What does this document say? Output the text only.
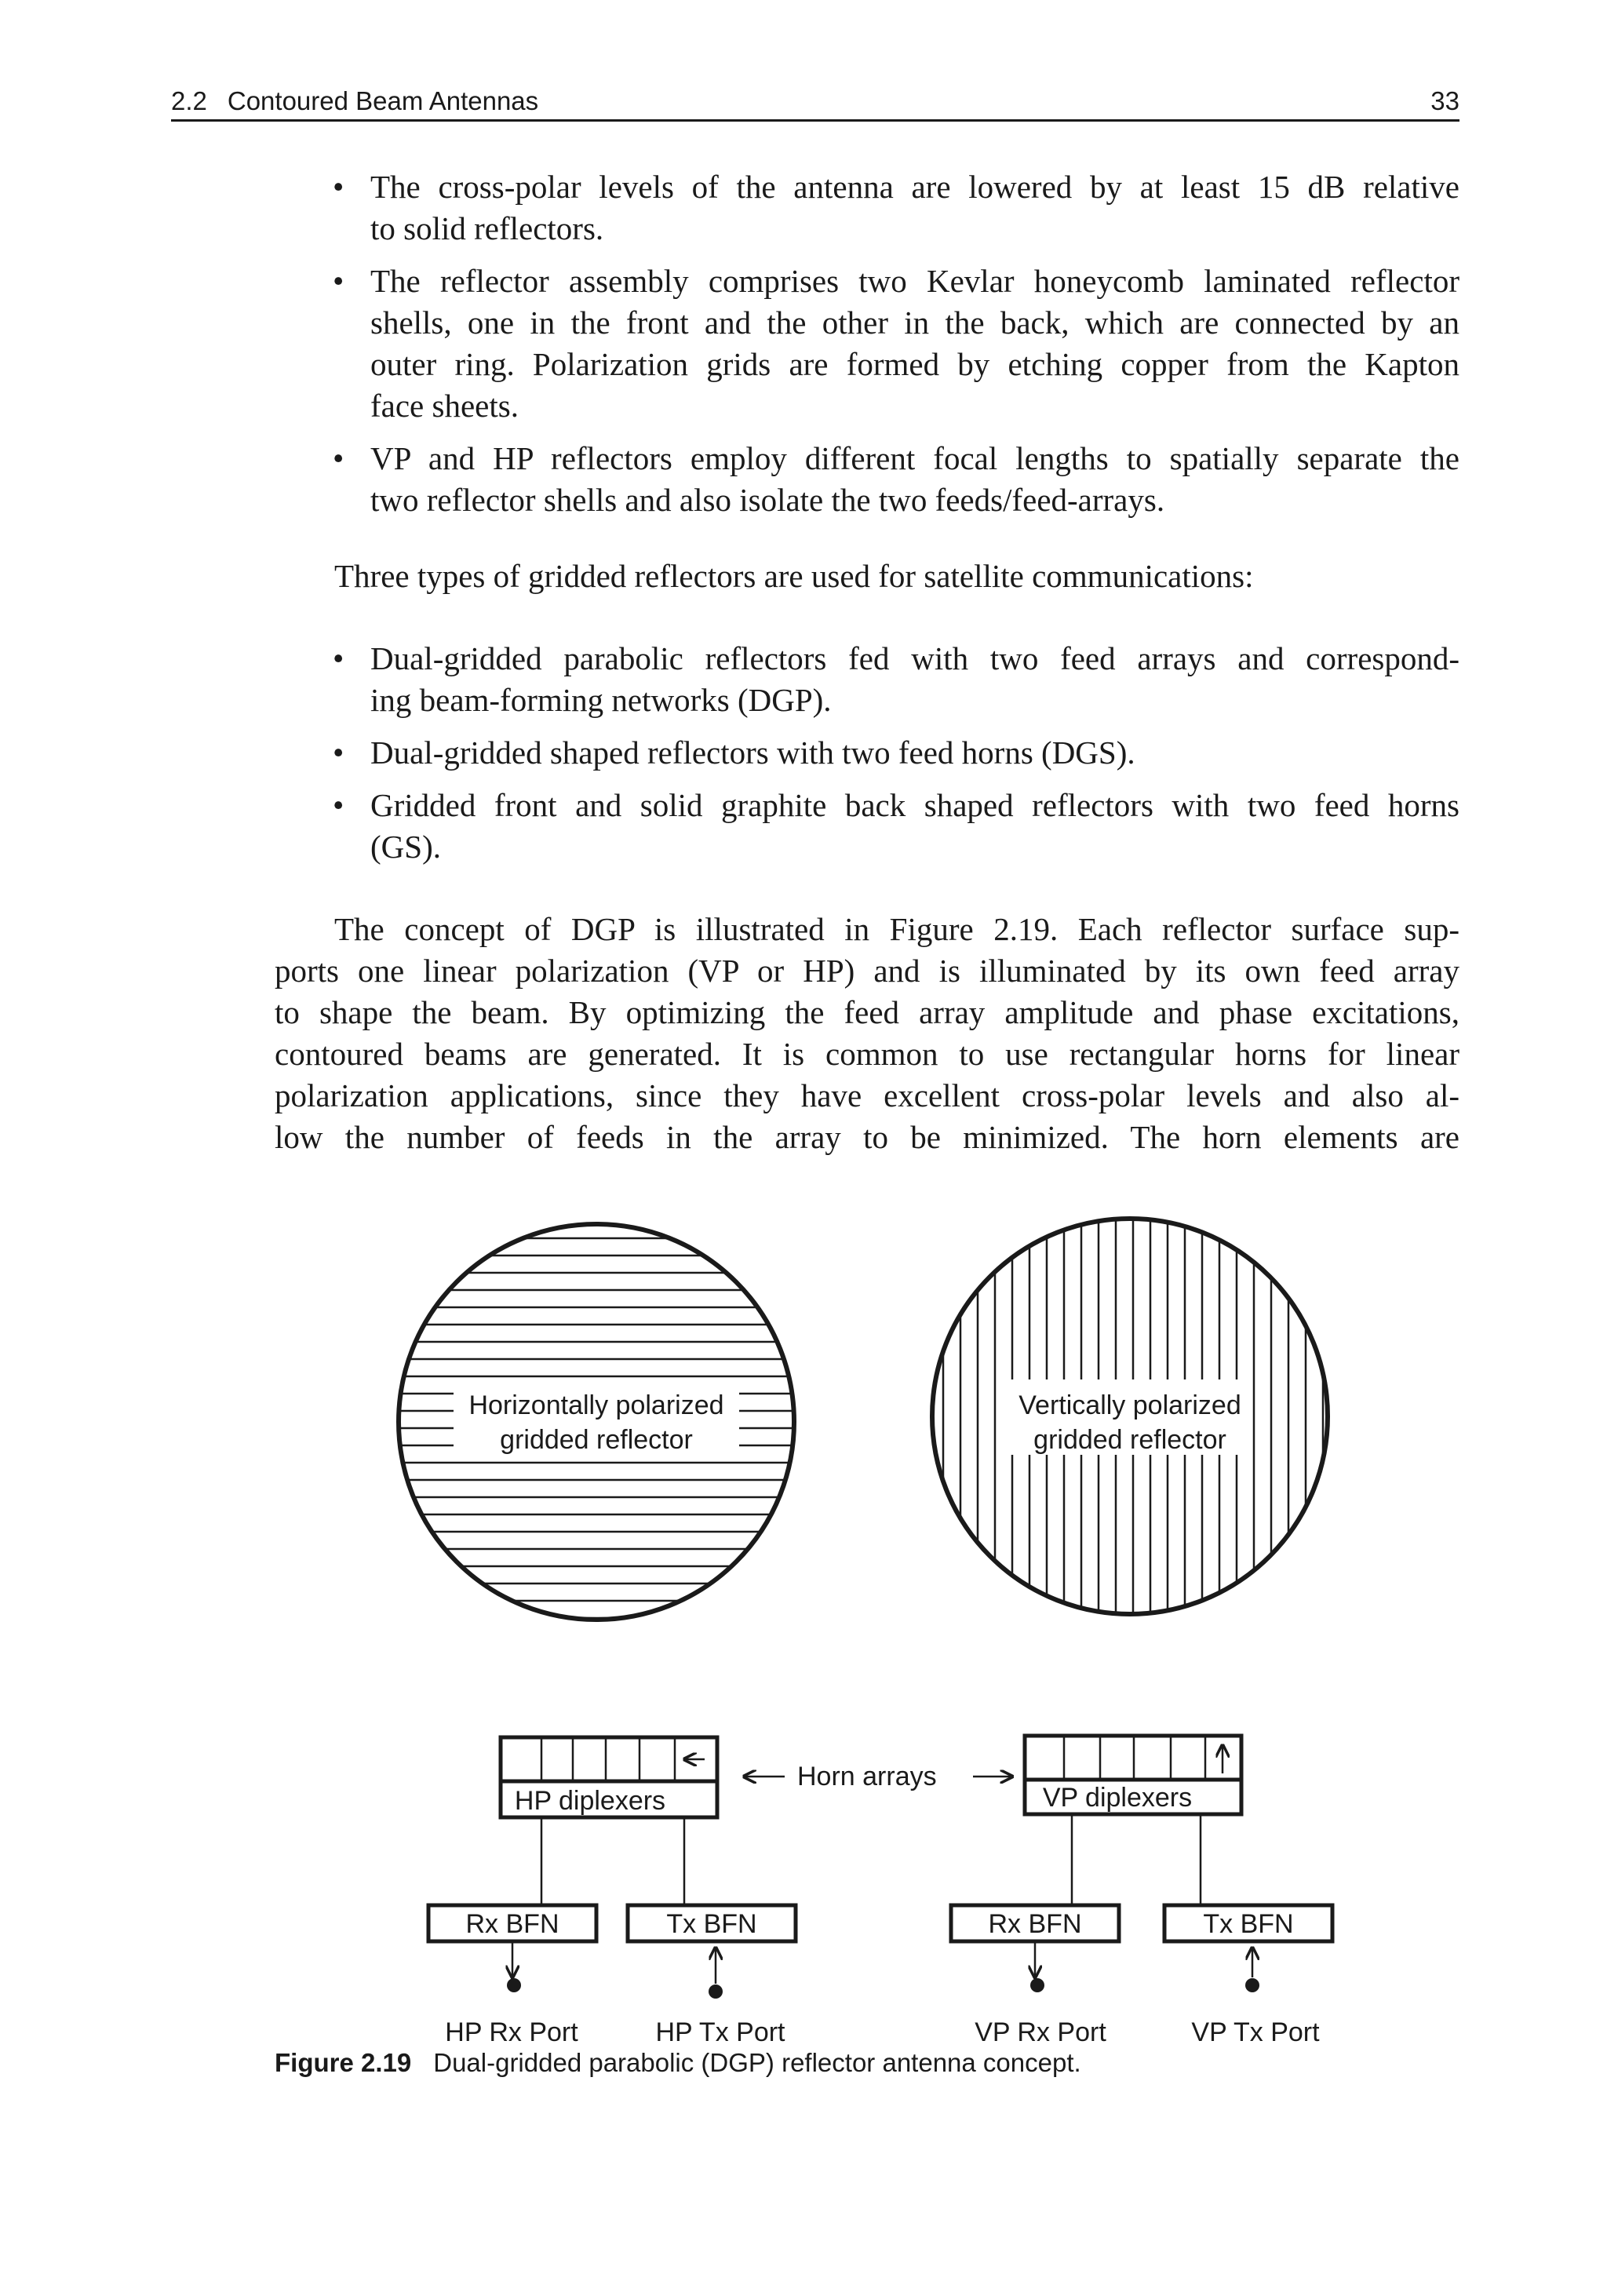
2.2 Contoured Beam Antennas	33
• The cross-polar levels of the antenna are lowered by at least 15 dB relative
to solid reflectors.
• The reflector assembly comprises two Kevlar honeycomb laminated reflector
shells, one in the front and the other in the back, which are connected by an
outer ring. Polarization grids are formed by etching copper from the Kapton
face sheets.
• VP and HP reflectors employ different focal lengths to spatially separate the
two reflector shells and also isolate the two feeds/feed-arrays.
Three types of gridded reflectors are used for satellite communications:
• Dual-gridded parabolic reflectors fed with two feed arrays and correspond-
ing beam-forming networks (DGP).
• Dual-gridded shaped reflectors with two feed horns (DGS).
• Gridded front and solid graphite back shaped reflectors with two feed horns
(GS).
The concept of DGP is illustrated in Figure 2.19. Each reflector surface sup-
ports one linear polarization (VP or HP) and is illuminated by its own feed array
to shape the beam. By optimizing the feed array amplitude and phase excitations,
contoured beams are generated. It is common to use rectangular horns for linear
polarization applications, since they have excellent cross-polar levels and also al-
low the number of feeds in the array to be minimized. The horn elements are
Horizontally polarized
gridded reflector
Vertically polarized
gridded reflector
HP diplexers
Horn arrays
VP diplexers
Rx BFN	Tx BFN	Rx BFN	Tx BFN
HP Rx Port	HP Tx Port	VP Rx Port	VP Tx Port
Figure 2.19 Dual-gridded parabolic (DGP) reflector antenna concept.
